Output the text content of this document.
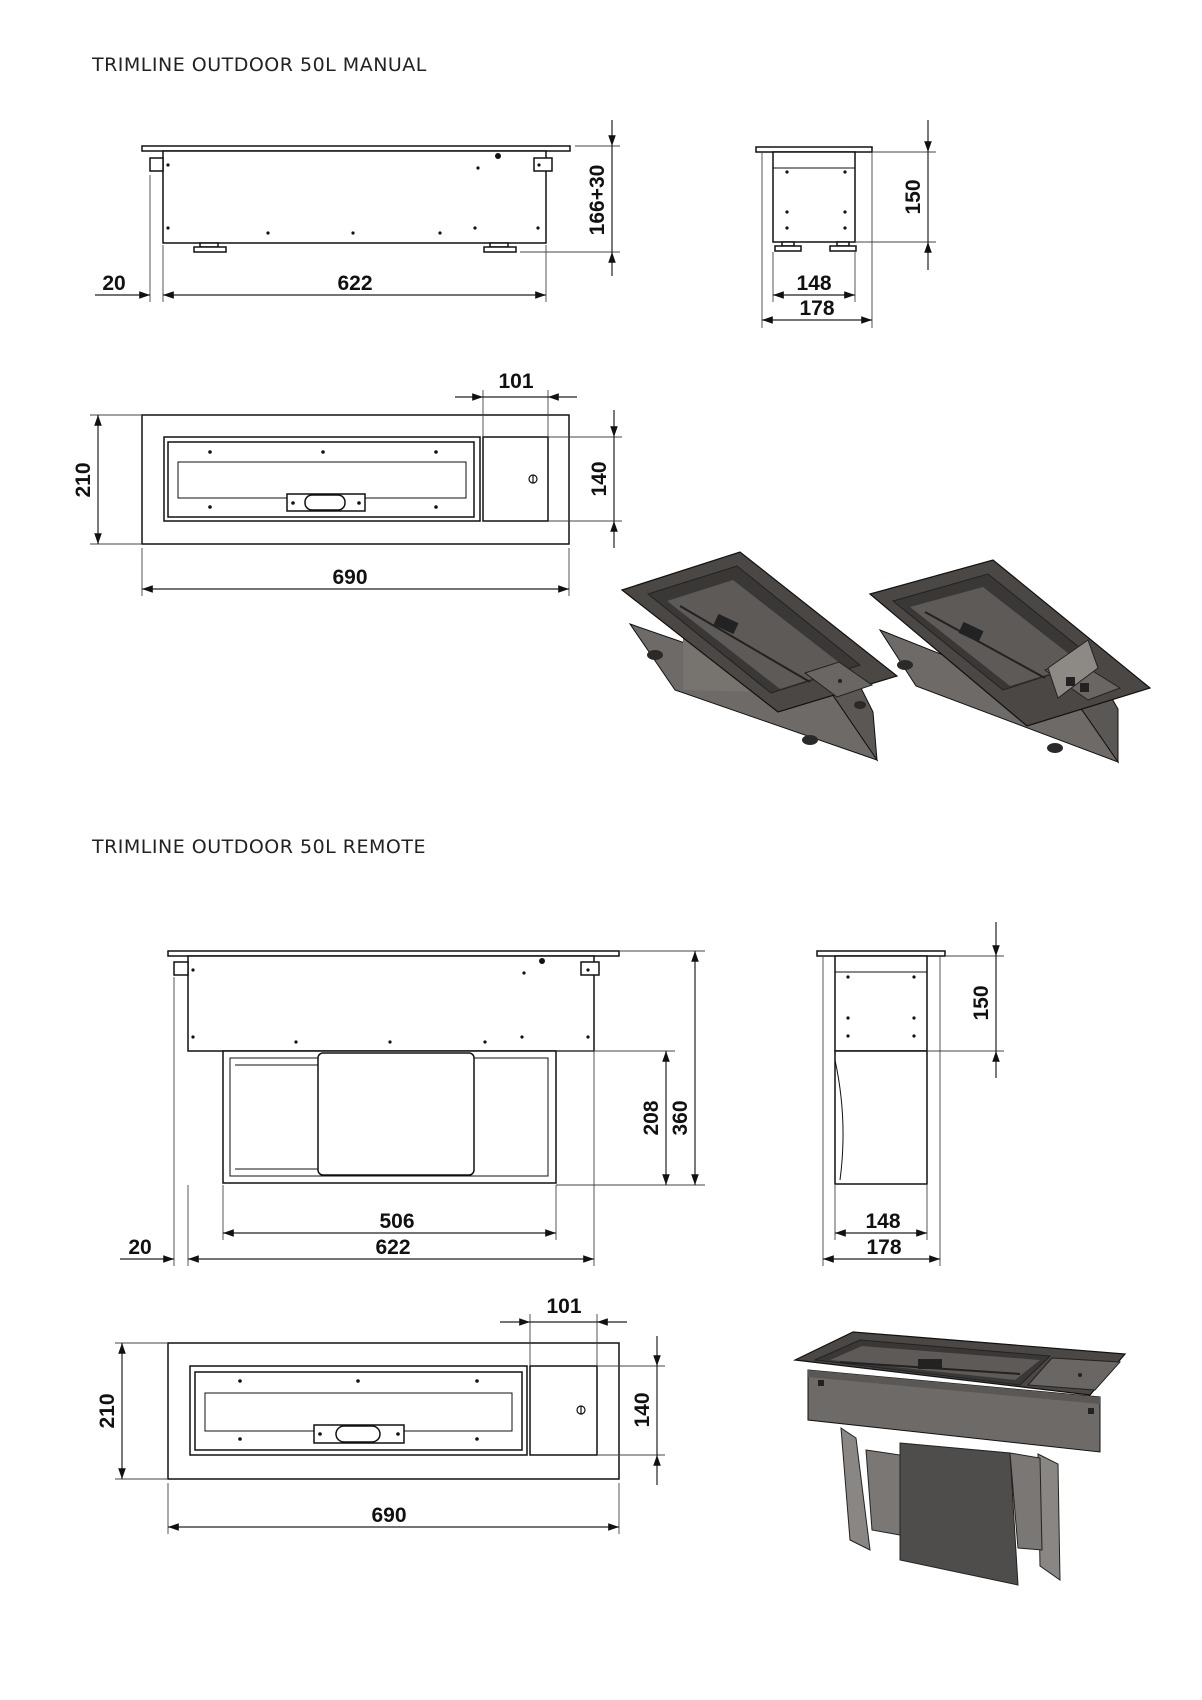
TRIMLINE OUTDOOR 50L MANUAL
TRIMLINE OUTDOOR 50L REMOTE
166+30
20	622
150
148
178
101
210	140
690
208 360
506
20	622
150
148
178
101
210	140
690
